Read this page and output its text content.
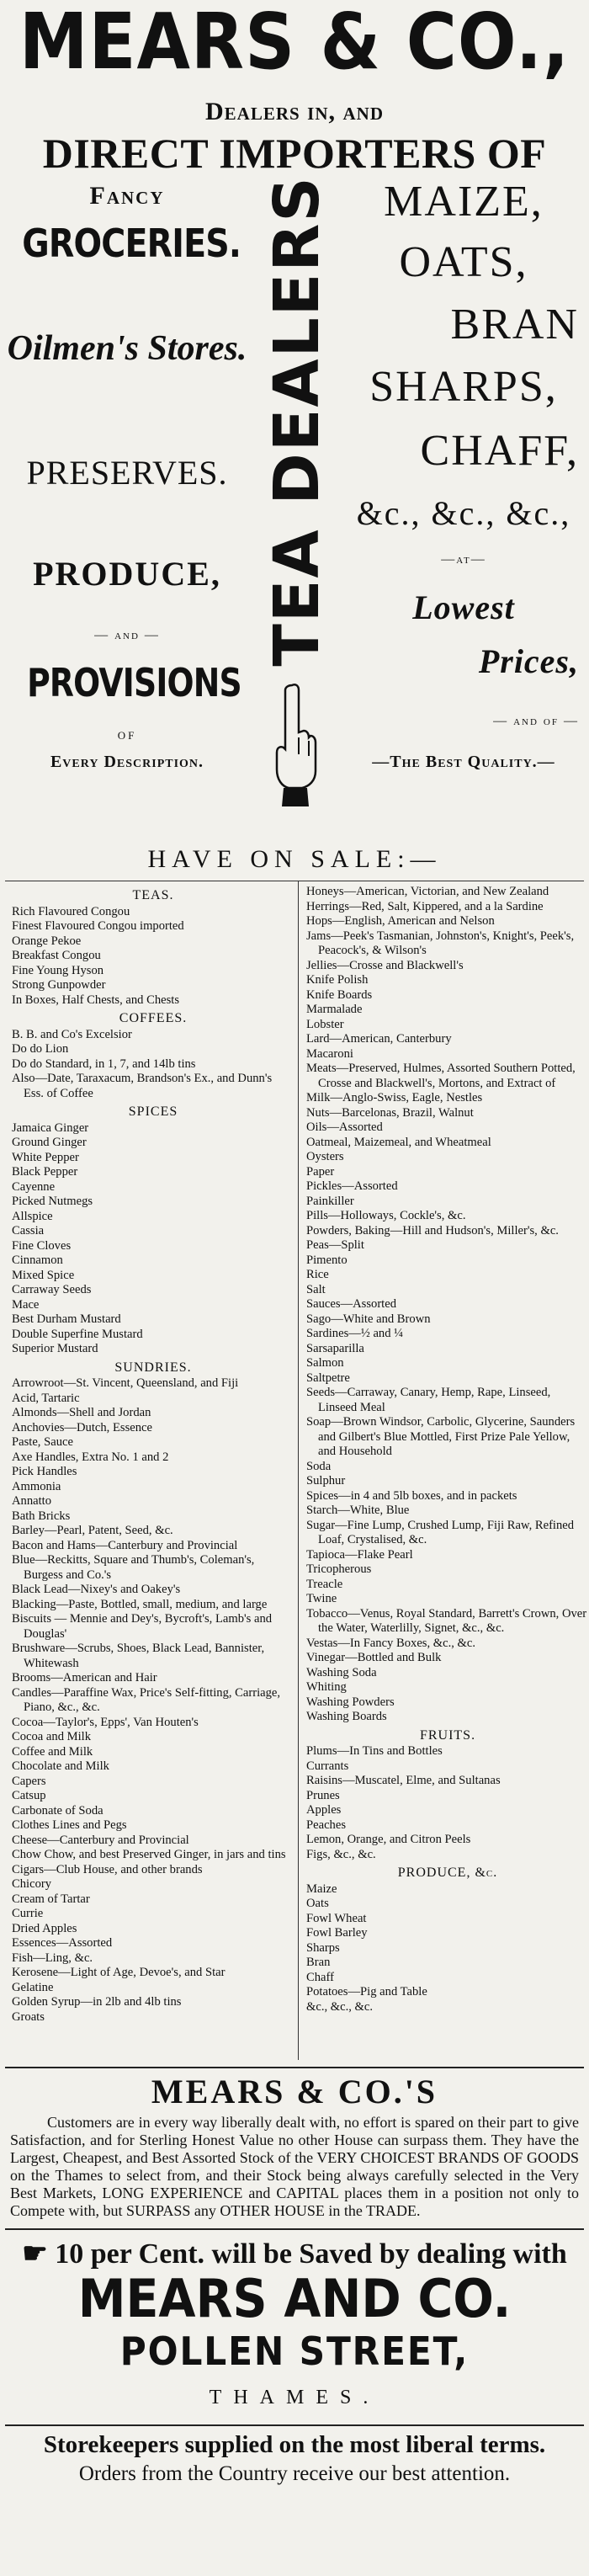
MEARS & CO.,
Dealers in, and
DIRECT IMPORTERS OF
Fancy
GROCERIES.
Oilmen's Stores.
PRESERVES.
PRODUCE,
— and —
PROVISIONS
OF
Every Description.
TEA DEALERS	MAIZE,
OATS,
BRAN
SHARPS,
CHAFF,
&c., &c., &c.,
—at—
Lowest
Prices,
— and of —
—The Best Quality.—
HAVE ON SALE:—
TEAS.
Rich Flavoured Congou
Finest Flavoured Congou imported
Orange Pekoe
Breakfast Congou
Fine Young Hyson
Strong Gunpowder
In Boxes, Half Chests, and Chests
COFFEES.
B. B. and Co's Excelsior
Do do Lion
Do do Standard, in 1, 7, and 14lb tins
Also—Date, Taraxacum, Brandson's Ex., and Dunn's Ess. of Coffee
SPICES
Jamaica Ginger
Ground Ginger
White Pepper
Black Pepper
Cayenne
Picked Nutmegs
Allspice
Cassia
Fine Cloves
Cinnamon
Mixed Spice
Carraway Seeds
Mace
Best Durham Mustard
Double Superfine Mustard
Superior Mustard
SUNDRIES.
Arrowroot—St. Vincent, Queensland, and Fiji
Acid, Tartaric
Almonds—Shell and Jordan
Anchovies—Dutch, Essence
Paste, Sauce
Axe Handles, Extra No. 1 and 2
Pick Handles
Ammonia
Annatto
Bath Bricks
Barley—Pearl, Patent, Seed, &c.
Bacon and Hams—Canterbury and Provincial
Blue—Reckitts, Square and Thumb's, Coleman's, Burgess and Co.'s
Black Lead—Nixey's and Oakey's
Blacking—Paste, Bottled, small, medium, and large
Biscuits — Mennie and Dey's, Bycroft's, Lamb's and Douglas'
Brushware—Scrubs, Shoes, Black Lead, Bannister, Whitewash
Brooms—American and Hair
Candles—Paraffine Wax, Price's Self-fitting, Carriage, Piano, &c., &c.
Cocoa—Taylor's, Epps', Van Houten's
Cocoa and Milk
Coffee and Milk
Chocolate and Milk
Capers
Catsup
Carbonate of Soda
Clothes Lines and Pegs
Cheese—Canterbury and Provincial
Chow Chow, and best Preserved Ginger, in jars and tins
Cigars—Club House, and other brands
Chicory
Cream of Tartar
Currie
Dried Apples
Essences—Assorted
Fish—Ling, &c.
Kerosene—Light of Age, Devoe's, and Star
Gelatine
Golden Syrup—in 2lb and 4lb tins
Groats
Honeys—American, Victorian, and New Zealand
Herrings—Red, Salt, Kippered, and a la Sardine
Hops—English, American and Nelson
Jams—Peek's Tasmanian, Johnston's, Knight's, Peek's, Peacock's, & Wilson's
Jellies—Crosse and Blackwell's
Knife Polish
Knife Boards
Marmalade
Lobster
Lard—American, Canterbury
Macaroni
Meats—Preserved, Hulmes, Assorted Southern Potted, Crosse and Blackwell's, Mortons, and Extract of
Milk—Anglo-Swiss, Eagle, Nestles
Nuts—Barcelonas, Brazil, Walnut
Oils—Assorted
Oatmeal, Maizemeal, and Wheatmeal
Oysters
Paper
Pickles—Assorted
Painkiller
Pills—Holloways, Cockle's, &c.
Powders, Baking—Hill and Hudson's, Miller's, &c.
Peas—Split
Pimento
Rice
Salt
Sauces—Assorted
Sago—White and Brown
Sardines—½ and ¼
Sarsaparilla
Salmon
Saltpetre
Seeds—Carraway, Canary, Hemp, Rape, Linseed, Linseed Meal
Soap—Brown Windsor, Carbolic, Glycerine, Saunders and Gilbert's Blue Mottled, First Prize Pale Yellow, and Household
Soda
Sulphur
Spices—in 4 and 5lb boxes, and in packets
Starch—White, Blue
Sugar—Fine Lump, Crushed Lump, Fiji Raw, Refined Loaf, Crystalised, &c.
Tapioca—Flake Pearl
Tricopherous
Treacle
Twine
Tobacco—Venus, Royal Standard, Barrett's Crown, Over the Water, Waterlilly, Signet, &c., &c.
Vestas—In Fancy Boxes, &c., &c.
Vinegar—Bottled and Bulk
Washing Soda
Whiting
Washing Powders
Washing Boards
FRUITS.
Plums—In Tins and Bottles
Currants
Raisins—Muscatel, Elme, and Sultanas
Prunes
Apples
Peaches
Lemon, Orange, and Citron Peels
Figs, &c., &c.
PRODUCE, &c.
Maize
Oats
Fowl Wheat
Fowl Barley
Sharps
Bran
Chaff
Potatoes—Pig and Table
&c., &c., &c.
MEARS & CO.'S
Customers are in every way liberally dealt with, no effort is spared on their part to give Satisfaction, and for Sterling Honest Value no other House can surpass them. They have the Largest, Cheapest, and Best Assorted Stock of the VERY CHOICEST BRANDS OF GOODS on the Thames to select from, and their Stock being always carefully selected in the Very Best Markets, LONG EXPERIENCE and CAPITAL places them in a position not only to Compete with, but SURPASS any OTHER HOUSE in the TRADE.
☛ 10 per Cent. will be Saved by dealing with
MEARS AND CO.
POLLEN STREET,
THAMES.
Storekeepers supplied on the most liberal terms.
Orders from the Country receive our best attention.
